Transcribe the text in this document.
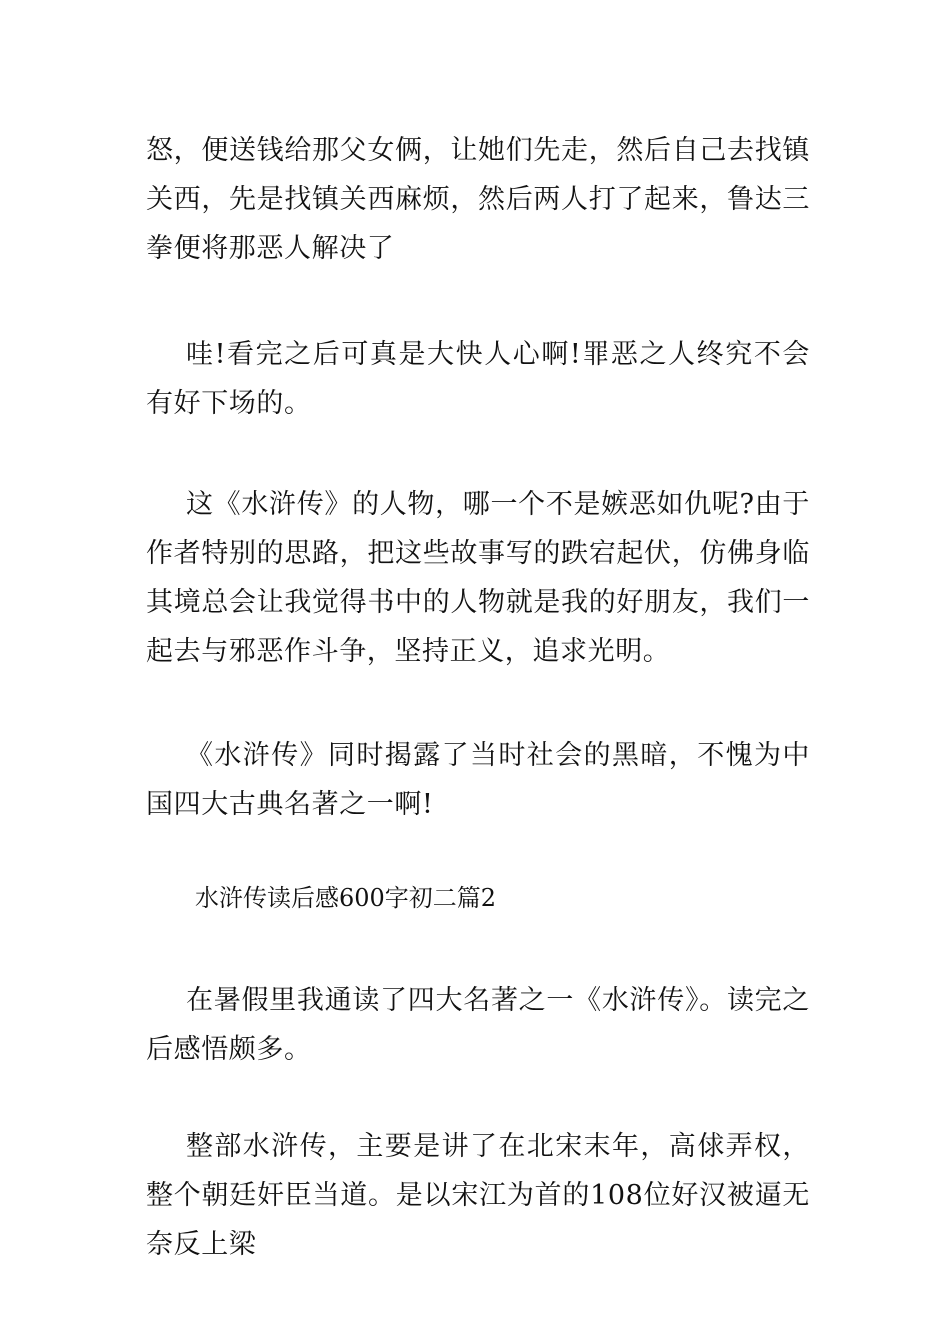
怒，便送钱给那父女俩，让她们先走，然后自己去找镇关西，先是找镇关西麻烦，然后两人打了起来，鲁达三拳便将那恶人解决了

哇!看完之后可真是大快人心啊!罪恶之人终究不会有好下场的。

这《水浒传》的人物，哪一个不是嫉恶如仇呢?由于作者特别的思路，把这些故事写的跌宕起伏，仿佛身临其境总会让我觉得书中的人物就是我的好朋友，我们一起去与邪恶作斗争，坚持正义，追求光明。

《水浒传》同时揭露了当时社会的黑暗，不愧为中国四大古典名著之一啊!

水浒传读后感600字初二篇2

在暑假里我通读了四大名著之一《水浒传》。读完之后感悟颇多。

整部水浒传，主要是讲了在北宋末年，高俅弄权，整个朝廷奸臣当道。是以宋江为首的108位好汉被逼无奈反上梁
